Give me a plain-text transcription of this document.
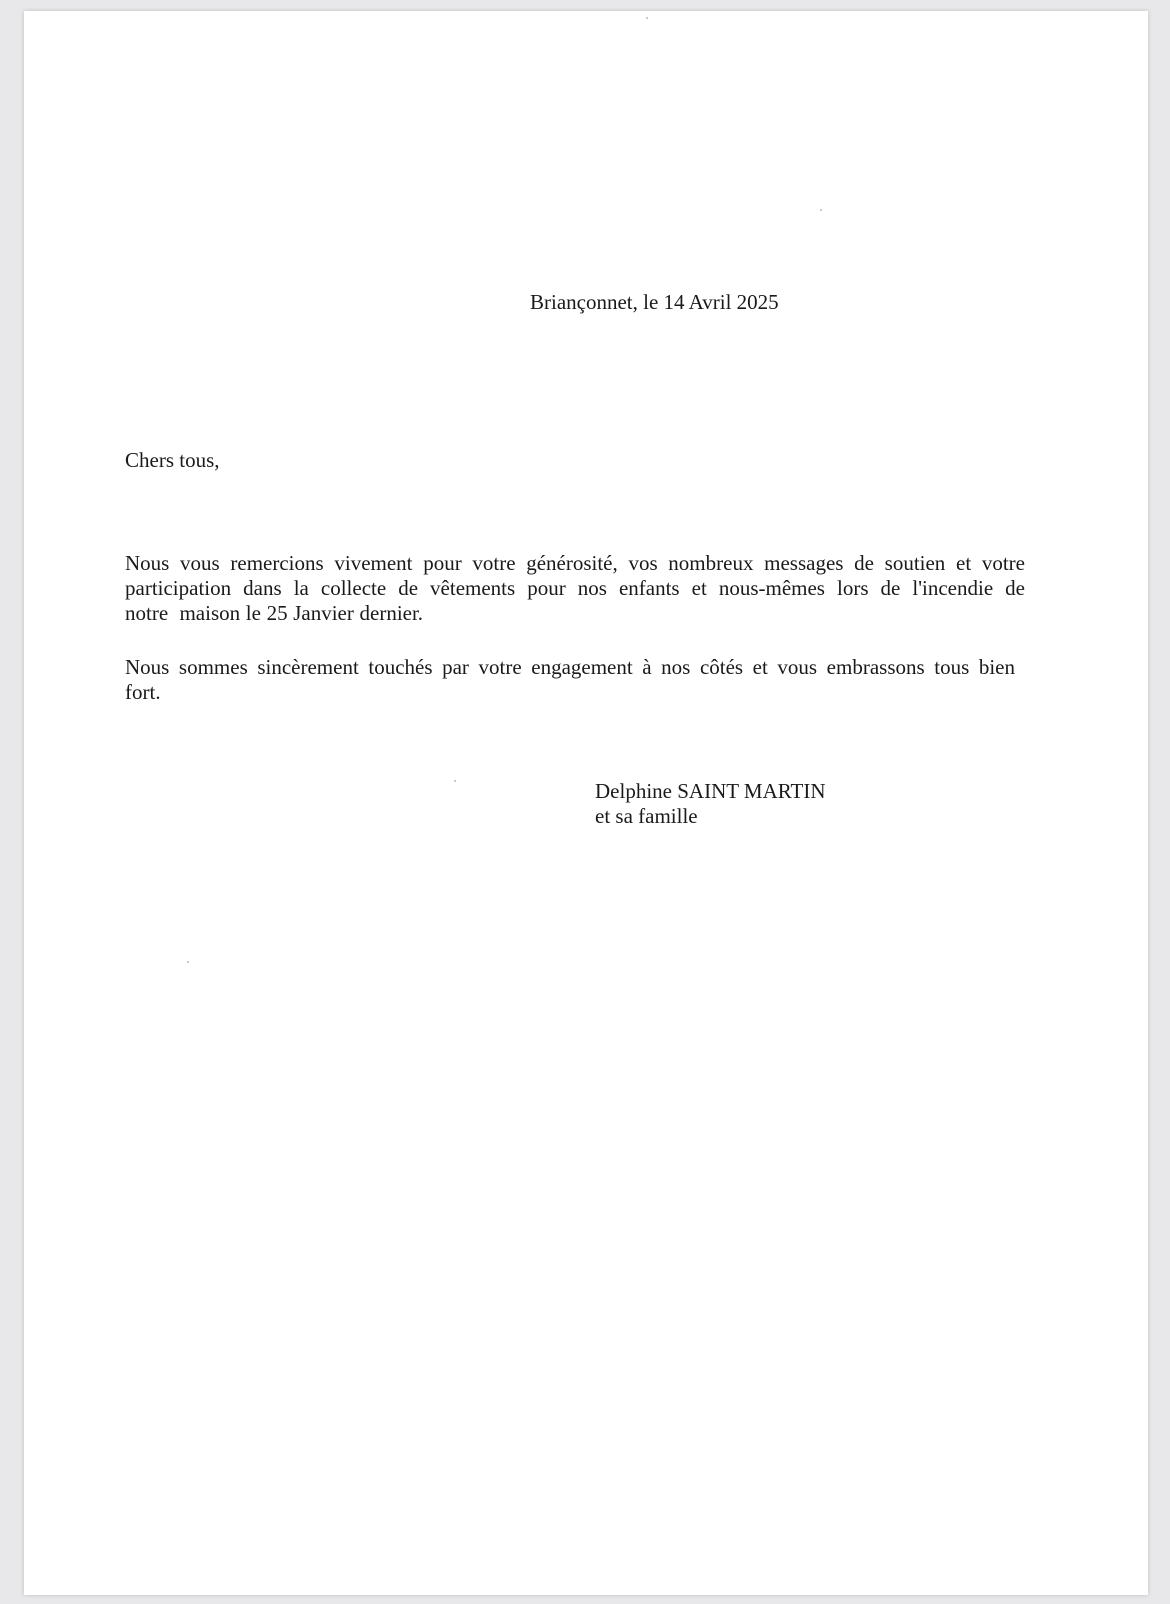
Briançonnet, le 14 Avril 2025

Chers tous,

Nous vous remercions vivement pour votre générosité, vos nombreux messages de soutien et votre
participation dans la collecte de vêtements pour nos enfants et nous-mêmes lors de l'incendie de
notre  maison le 25 Janvier dernier.
Nous sommes sincèrement touchés par votre engagement à nos côtés et vous embrassons tous bien
fort.
Delphine SAINT MARTIN
et sa famille
